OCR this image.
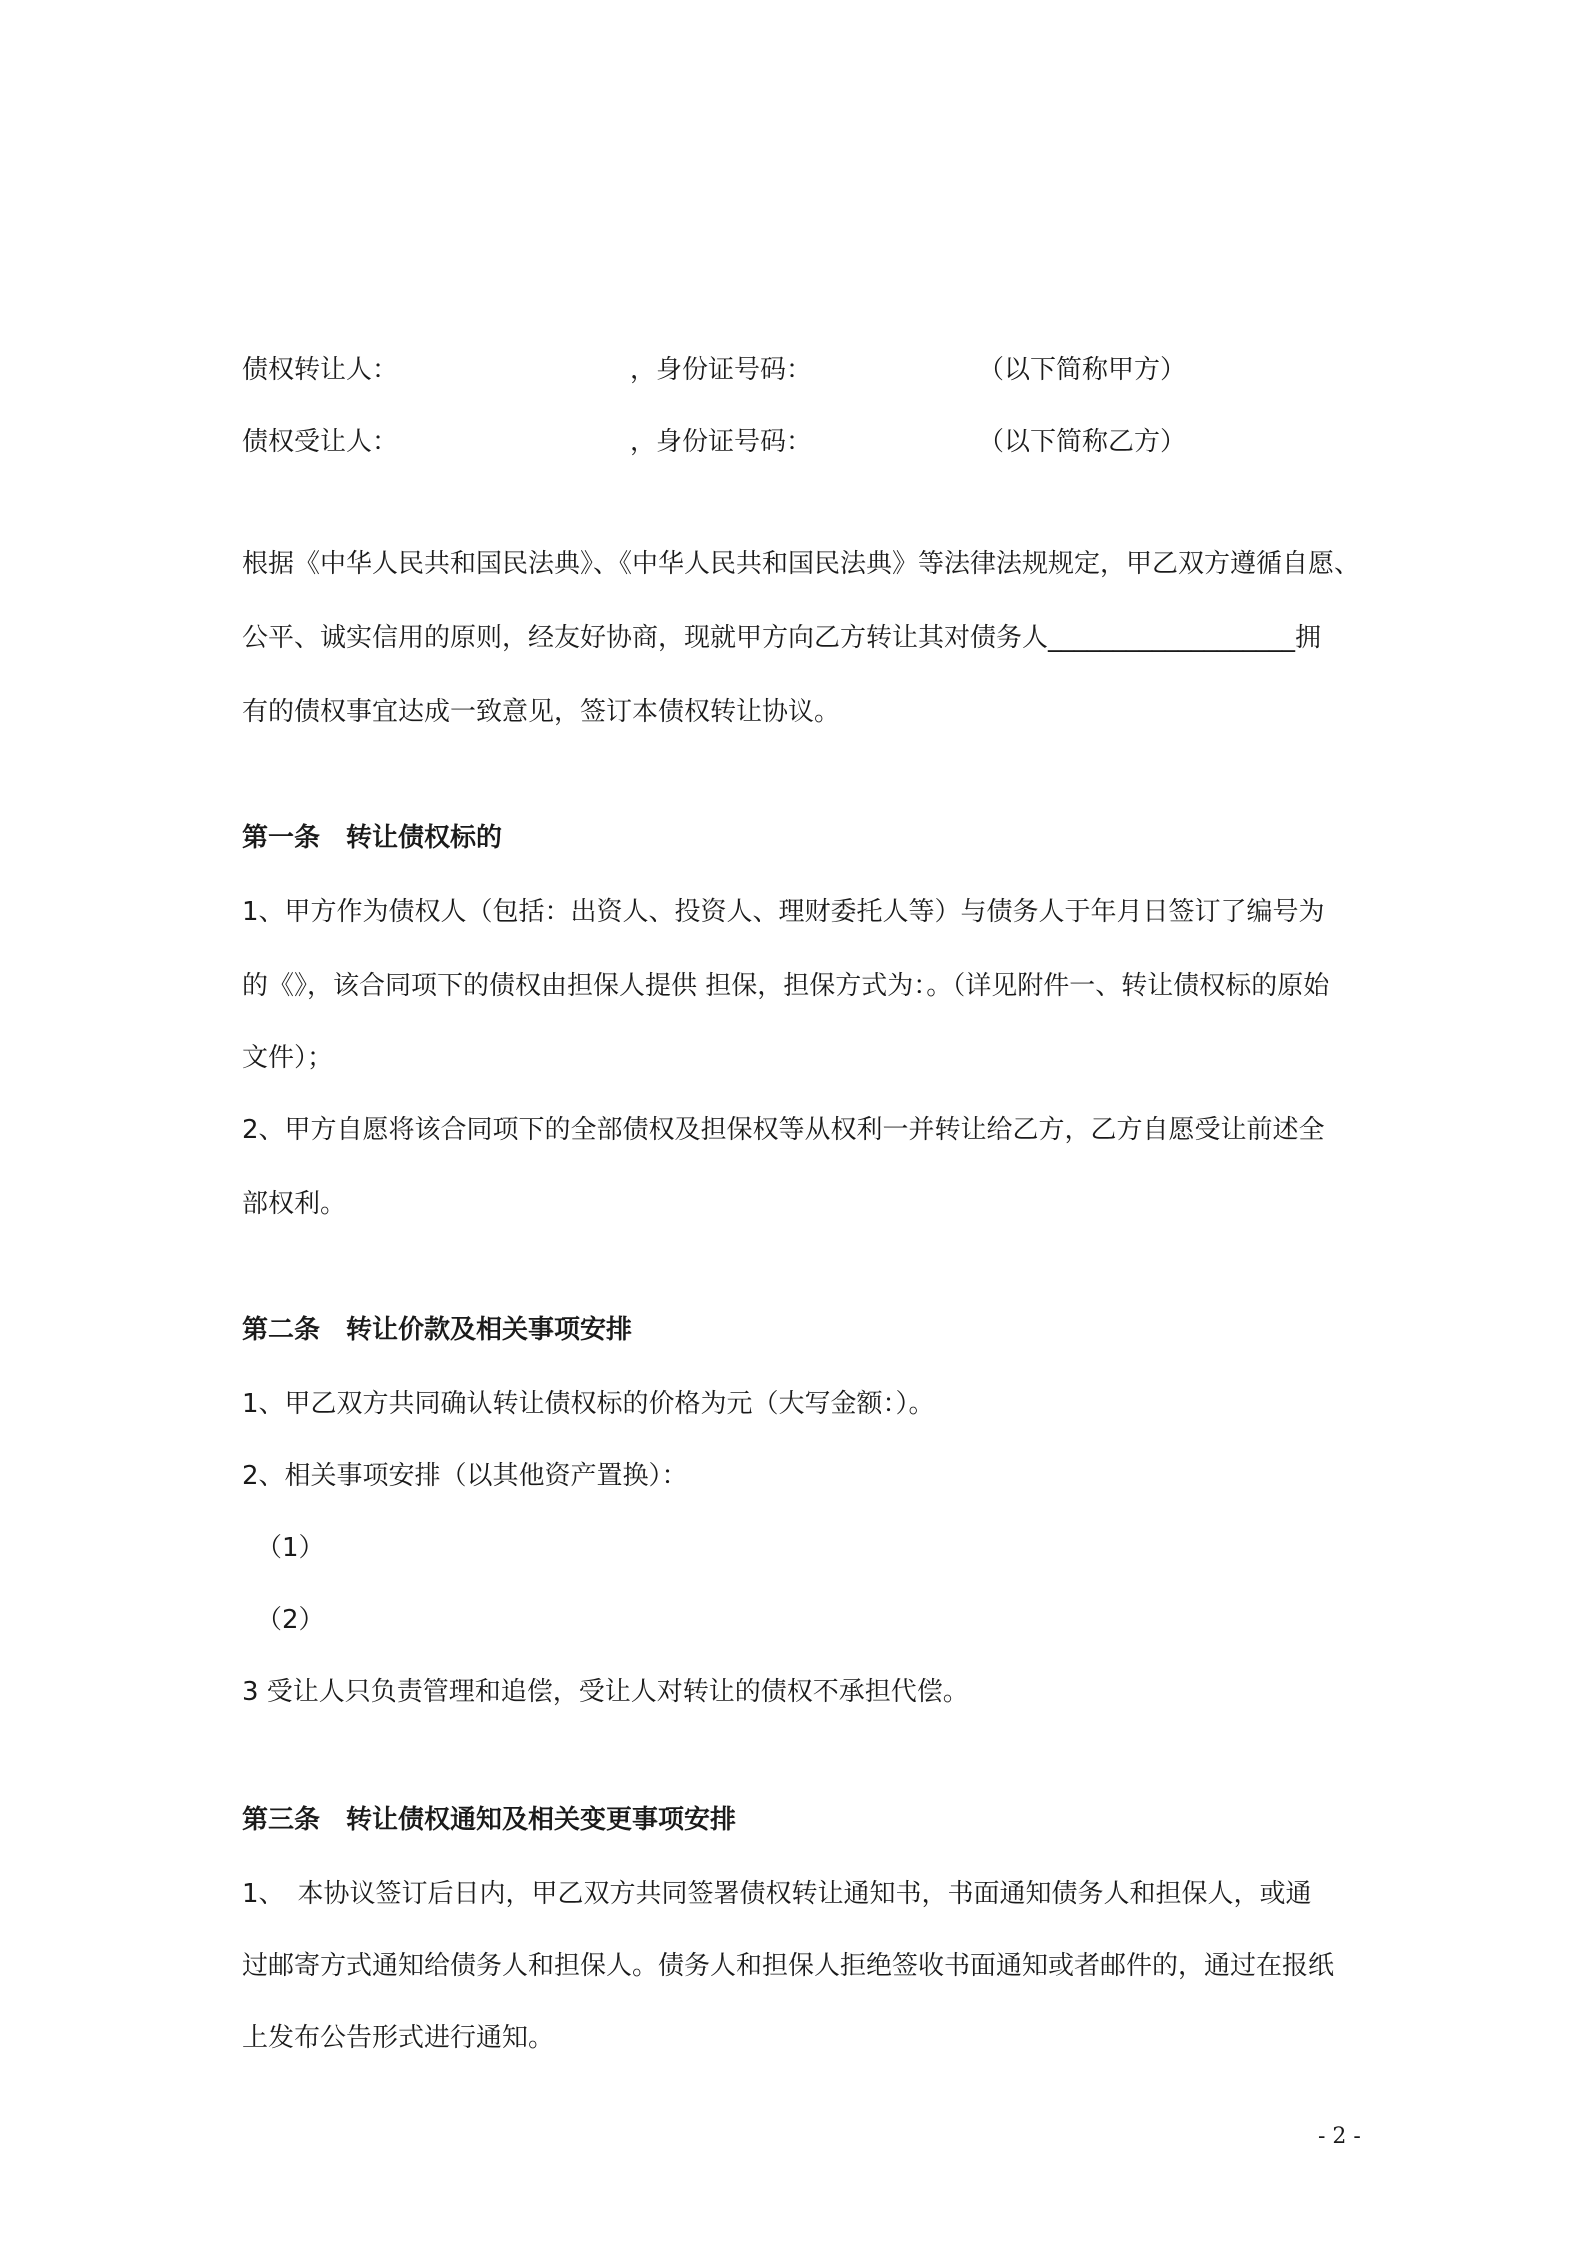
债权转让人：	，身份证号码：	（以下简称甲方）
债权受让人：	，身份证号码：	（以下简称乙方）
根据《中华人民共和国民法典》、《中华人民共和国民法典》等法律法规规定，甲乙双方遵循自愿、
公平、诚实信用的原则，经友好协商，现就甲方向乙方转让其对债务人___________________拥
有的债权事宜达成一致意见，签订本债权转让协议。
第一条　转让债权标的
1、甲方作为债权人（包括：出资人、投资人、理财委托人等）与债务人于年月日签订了编号为
的《》，该合同项下的债权由担保人提供 担保，担保方式为：。（详见附件一、转让债权标的原始
文件）；
2、甲方自愿将该合同项下的全部债权及担保权等从权利一并转让给乙方，乙方自愿受让前述全
部权利。
第二条　转让价款及相关事项安排
1、甲乙双方共同确认转让债权标的价格为元（大写金额：）。
2、相关事项安排（以其他资产置换）：
（1）
（2）
3 受让人只负责管理和追偿，受让人对转让的债权不承担代偿。
第三条　转让债权通知及相关变更事项安排
1、　本协议签订后日内，甲乙双方共同签署债权转让通知书，书面通知债务人和担保人，或通
过邮寄方式通知给债务人和担保人。债务人和担保人拒绝签收书面通知或者邮件的，通过在报纸
上发布公告形式进行通知。
- 2 -
